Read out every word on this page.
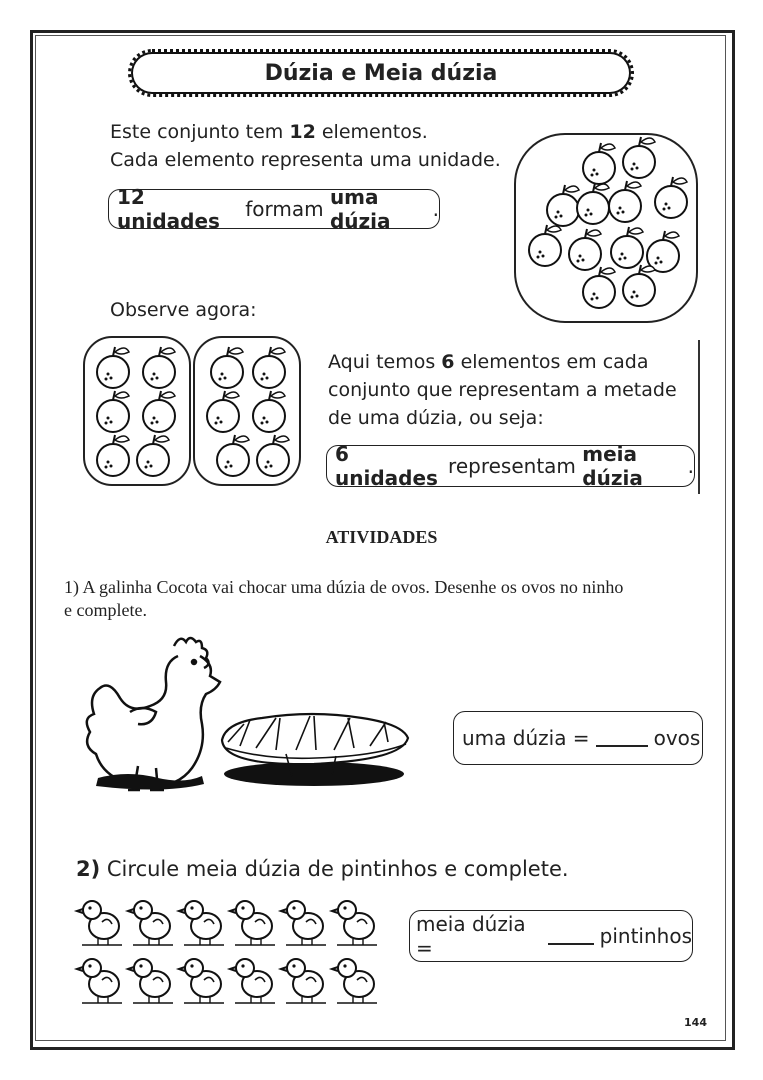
Dúzia e Meia dúzia
Este conjunto tem 12 elementos.
Cada elemento representa uma unidade.
12 unidades formam uma dúzia	.
Observe agora:
Aqui temos 6 elementos em cada
conjunto que representam a metade
de uma dúzia, ou seja:
6 unidades representam meia dúzia	.
ATIVIDADES
1) A galinha Cocota vai chocar uma dúzia de ovos. Desenhe os ovos no ninho
e complete.
uma dúzia =	ovos
2) Circule meia dúzia de pintinhos e complete.
meia dúzia =	pintinhos
144
